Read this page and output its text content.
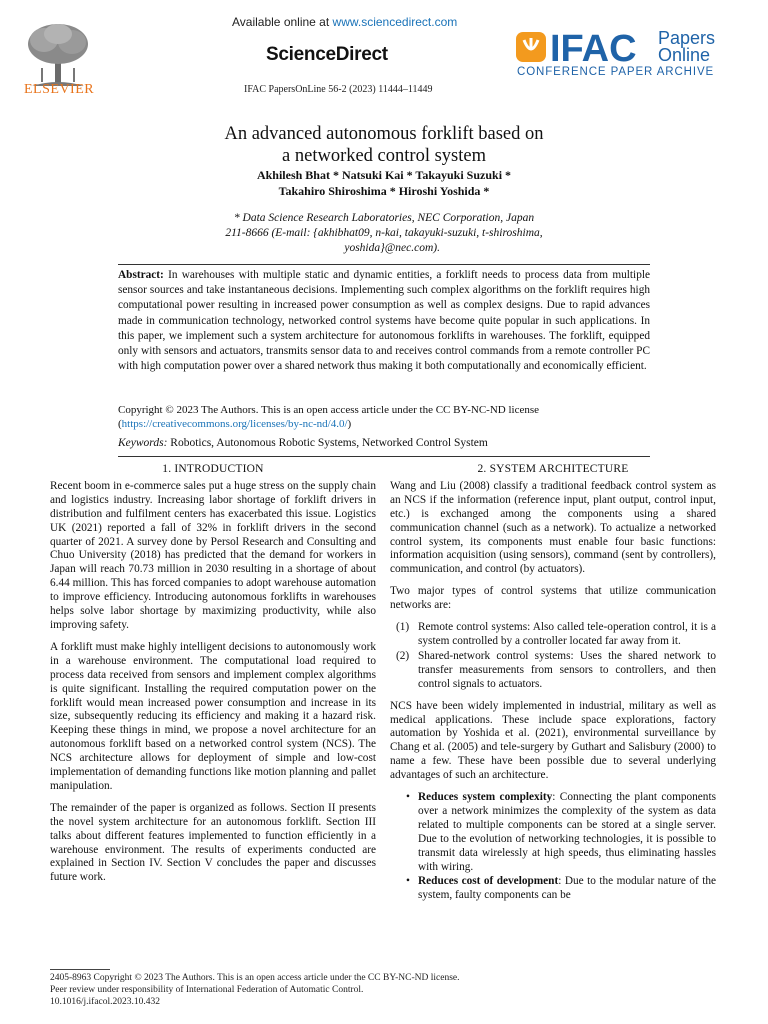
ELSEVIER
Available online at www.sciencedirect.com
ScienceDirect
IFAC PapersOnLine 56-2 (2023) 11444–11449
IFAC Papers
Online
CONFERENCE PAPER ARCHIVE
An advanced autonomous forklift based on
a networked control system
Akhilesh Bhat * Natsuki Kai * Takayuki Suzuki *
Takahiro Shiroshima * Hiroshi Yoshida *
* Data Science Research Laboratories, NEC Corporation, Japan
211-8666 (E-mail: {akhibhat09, n-kai, takayuki-suzuki, t-shiroshima,
yoshida}@nec.com).
Abstract: In warehouses with multiple static and dynamic entities, a forklift needs to process data from multiple sensor sources and take instantaneous decisions. Implementing such complex algorithms on the forklift requires high computational power resulting in increased power consumption as well as complex designs. Due to rapid advances made in communication technology, networked control systems have become quite popular in such applications. In this paper, we implement such a system architecture for autonomous forklifts in warehouses. The forklift, equipped only with sensors and actuators, transmits sensor data to and receives control commands from a remote controller PC with high computation power over a shared network thus making it both computationally and economically efficient.
Copyright © 2023 The Authors. This is an open access article under the CC BY-NC-ND license
(https://creativecommons.org/licenses/by-nc-nd/4.0/)
Keywords: Robotics, Autonomous Robotic Systems, Networked Control System
1. INTRODUCTION

Recent boom in e-commerce sales put a huge stress on the supply chain and logistics industry. Increasing labor shortage of forklift drivers in distribution and fulfilment centers has exacerbated this issue. Logistics UK (2021) reported a fall of 32% in forklift drivers in the second quarter of 2021. A survey done by Persol Research and Consulting and Chuo University (2018) has predicted that the demand for workers in Japan will reach 70.73 million in 2030 resulting in a shortage of about 6.44 million. This has forced companies to adopt warehouse automation to improve efficiency. Introducing autonomous forklifts in warehouses helps solve labor shortage by maximizing productivity, while also improving safety.

A forklift must make highly intelligent decisions to autonomously work in a warehouse environment. The computational load required to process data received from sensors and implement complex algorithms is quite significant. Installing the required computation power on the forklift would mean increased power consumption and increase in its size, subsequently reducing its efficiency and making it a hazard risk. Keeping these things in mind, we propose a novel architecture for an autonomous forklift based on a networked control system (NCS). The NCS architecture allows for deployment of simple and low-cost implementation of demanding functions like motion planning and pallet manipulation.

The remainder of the paper is organized as follows. Section II presents the novel system architecture for an autonomous forklift. Section III talks about different features implemented to function efficiently in a warehouse environment. The results of experiments conducted are explained in Section IV. Section V concludes the paper and discusses future work.

2. SYSTEM ARCHITECTURE

Wang and Liu (2008) classify a traditional feedback control system as an NCS if the information (reference input, plant output, control input, etc.) is exchanged among the components using a shared communication channel (such as a network). To actualize a networked control system, its components must enable four basic functions: information acquisition (using sensors), command (sent by controllers), communication, and control (by actuators).

Two major types of control systems that utilize communication networks are:

(1) Remote control systems: Also called tele-operation control, it is a system controlled by a controller located far away from it.
(2) Shared-network control systems: Uses the shared network to transfer measurements from sensors to controllers, and then control signals to actuators.

NCS have been widely implemented in industrial, military as well as medical applications. These include space explorations, factory automation by Yoshida et al. (2021), environmental surveillance by Chang et al. (2005) and tele-surgery by Guthart and Salisbury (2000) to name a few. These have been possible due to several underlying advantages of such an architecture.

• Reduces system complexity: Connecting the plant components over a network minimizes the complexity of the system as data related to multiple components can be stored at a single server. Due to the evolution of networking technologies, it is possible to transmit data wirelessly at high speeds, thus eliminating hassles with wiring.
• Reduces cost of development: Due to the modular nature of the system, faulty components can be
2405-8963 Copyright © 2023 The Authors. This is an open access article under the CC BY-NC-ND license.
Peer review under responsibility of International Federation of Automatic Control.
10.1016/j.ifacol.2023.10.432
